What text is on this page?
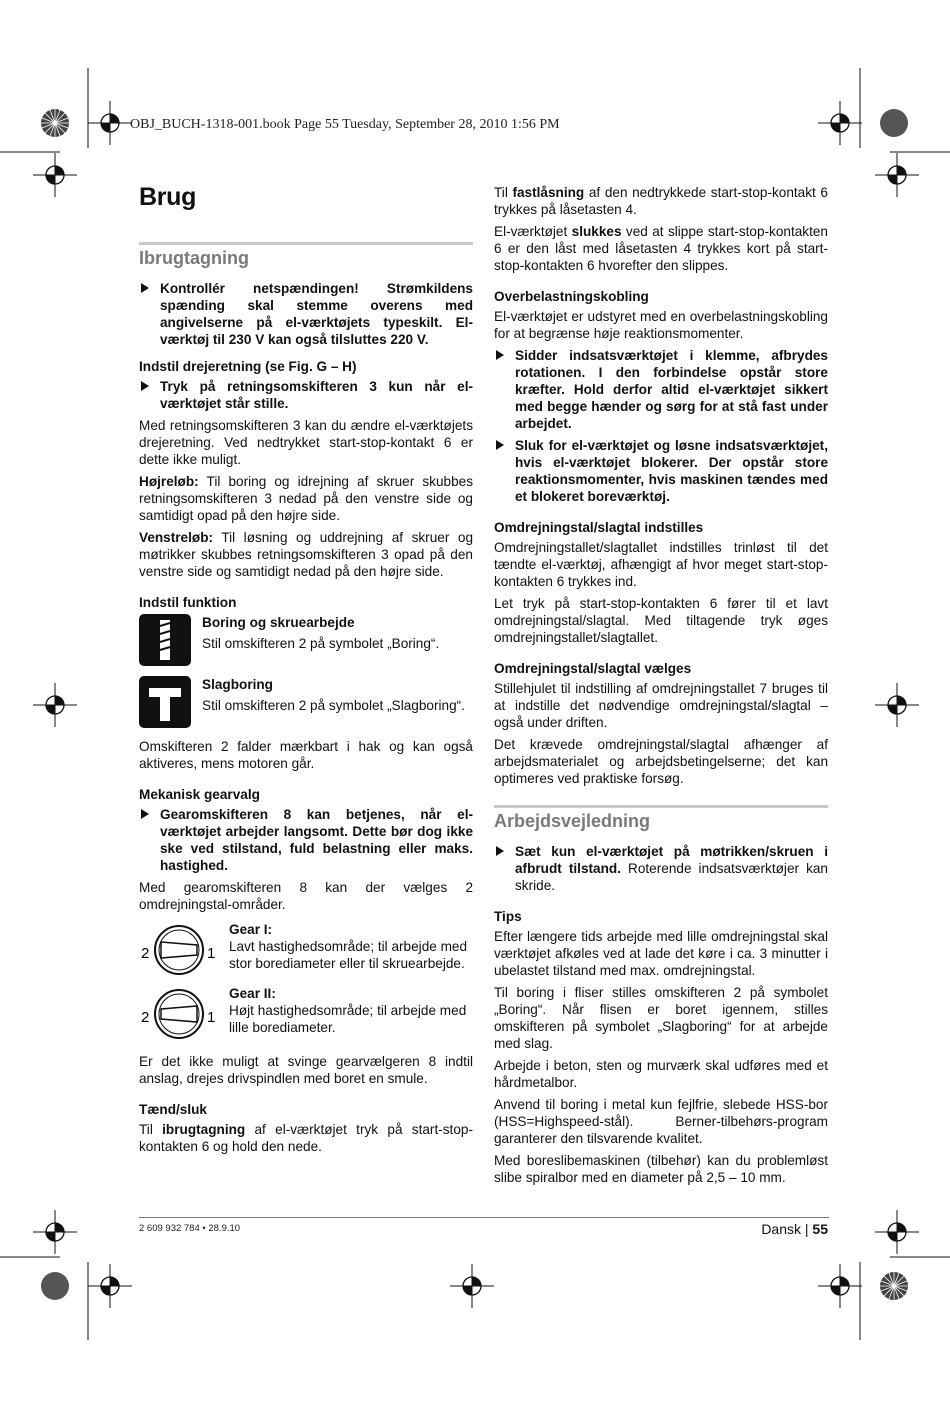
OBJ_BUCH-1318-001.book Page 55 Tuesday, September 28, 2010 1:56 PM
Brug
Ibrugtagning
Kontrollér netspændingen! Strømkildens spænding skal stemme overens med angivelserne på el-værktøjets typeskilt. El-værktøj til 230 V kan også tilsluttes 220 V.
Indstil drejeretning (se Fig. G – H)
Tryk på retningsomskifteren 3 kun når el-værktøjet står stille.

Med retningsomskifteren 3 kan du ændre el-værktøjets drejeretning. Ved nedtrykket start-stop-kontakt 6 er dette ikke muligt.

Højreløb: Til boring og idrejning af skruer skubbes retningsomskifteren 3 nedad på den venstre side og samtidigt opad på den højre side.

Venstreløb: Til løsning og uddrejning af skruer og møtrikker skubbes retningsomskifteren 3 opad på den venstre side og samtidigt nedad på den højre side.

Indstil funktion
Boring og skruearbejde
Stil omskifteren 2 på symbolet „Boring“.
Slagboring
Stil omskifteren 2 på symbolet „Slagboring“.

Omskifteren 2 falder mærkbart i hak og kan også aktiveres, mens motoren går.

Mekanisk gearvalg
Gearomskifteren 8 kan betjenes, når el-værktøjet arbejder langsomt. Dette bør dog ikke ske ved stilstand, fuld belastning eller maks. hastighed.

Med gearomskifteren 8 kan der vælges 2 omdrejningstal-områder.

2	1
Gear I:
Lavt hastighedsområde; til arbejde med stor borediameter eller til skruearbejde.
2	1
Gear II:
Højt hastighedsområde; til arbejde med lille borediameter.

Er det ikke muligt at svinge gearvælgeren 8 indtil anslag, drejes drivspindlen med boret en smule.

Tænd/sluk

Til ibrugtagning af el-værktøjet tryk på start-stop-kontakten 6 og hold den nede.

Til fastlåsning af den nedtrykkede start-stop-kontakt 6 trykkes på låsetasten 4.

El-værktøjet slukkes ved at slippe start-stop-kontakten 6 er den låst med låsetasten 4 trykkes kort på start-stop-kontakten 6 hvorefter den slippes.

Overbelastningskobling

El-værktøjet er udstyret med en overbelastningskobling for at begrænse høje reaktionsmomenter.

Sidder indsatsværktøjet i klemme, afbrydes rotationen. I den forbindelse opstår store kræfter. Hold derfor altid el-værktøjet sikkert med begge hænder og sørg for at stå fast under arbejdet.
Sluk for el-værktøjet og løsne indsatsværktøjet, hvis el-værktøjet blokerer. Der opstår store reaktionsmomenter, hvis maskinen tændes med et blokeret boreværktøj.
Omdrejningstal/slagtal indstilles

Omdrejningstallet/slagtallet indstilles trinløst til det tændte el-værktøj, afhængigt af hvor meget start-stop-kontakten 6 trykkes ind.

Let tryk på start-stop-kontakten 6 fører til et lavt omdrejningstal/slagtal. Med tiltagende tryk øges omdrejningstallet/slagtallet.

Omdrejningstal/slagtal vælges

Stillehjulet til indstilling af omdrejningstallet 7 bruges til at indstille det nødvendige omdrejningstal/slagtal – også under driften.

Det krævede omdrejningstal/slagtal afhænger af arbejdsmaterialet og arbejdsbetingelserne; det kan optimeres ved praktiske forsøg.

Arbejdsvejledning
Sæt kun el-værktøjet på møtrikken/skruen i afbrudt tilstand. Roterende indsatsværktøjer kan skride.
Tips

Efter længere tids arbejde med lille omdrejningstal skal værktøjet afkøles ved at lade det køre i ca. 3 minutter i ubelastet tilstand med max. omdrejningstal.

Til boring i fliser stilles omskifteren 2 på symbolet „Boring“. Når flisen er boret igennem, stilles omskifteren på symbolet „Slagboring“ for at arbejde med slag.

Arbejde i beton, sten og murværk skal udføres med et hårdmetalbor.

Anvend til boring i metal kun fejlfrie, slebede HSS-bor (HSS=Highspeed-stål). Berner-tilbehørs-program garanterer den tilsvarende kvalitet.

Med boreslibemaskinen (tilbehør) kan du problemløst slibe spiralbor med en diameter på 2,5 – 10 mm.

2 609 932 784 • 28.9.10	Dansk | 55
